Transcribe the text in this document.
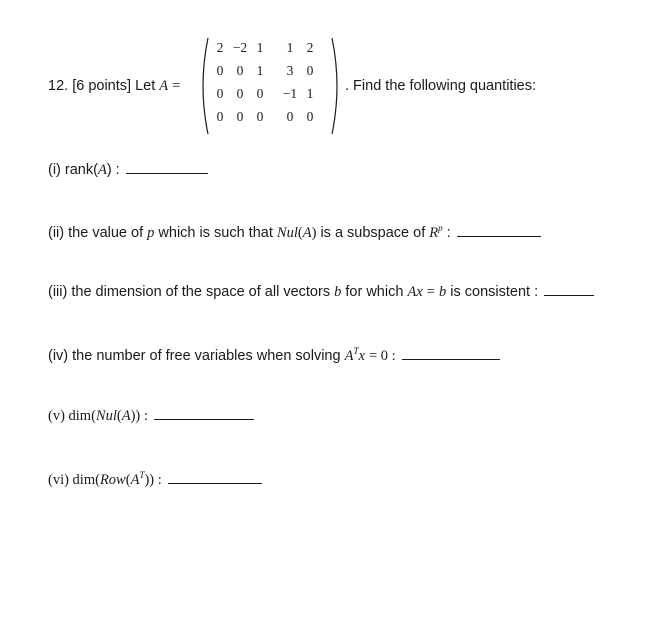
12. [6 points] Let A =
2 −2 1	1 2
0 0 1	3 0
0 0 0	−1 1
0 0 0	0 0
. Find the following quantities:
(i) rank(A) :
(ii) the value of p which is such that Nul(A) is a subspace of $R^p$ :
(iii) the dimension of the space of all vectors b for which Ax = b is consistent :
(iv) the number of free variables when solving $A^Tx = 0$ :
(v) dim(Nul(A)) :
(vi) $dim(Row(A^T))$ :
